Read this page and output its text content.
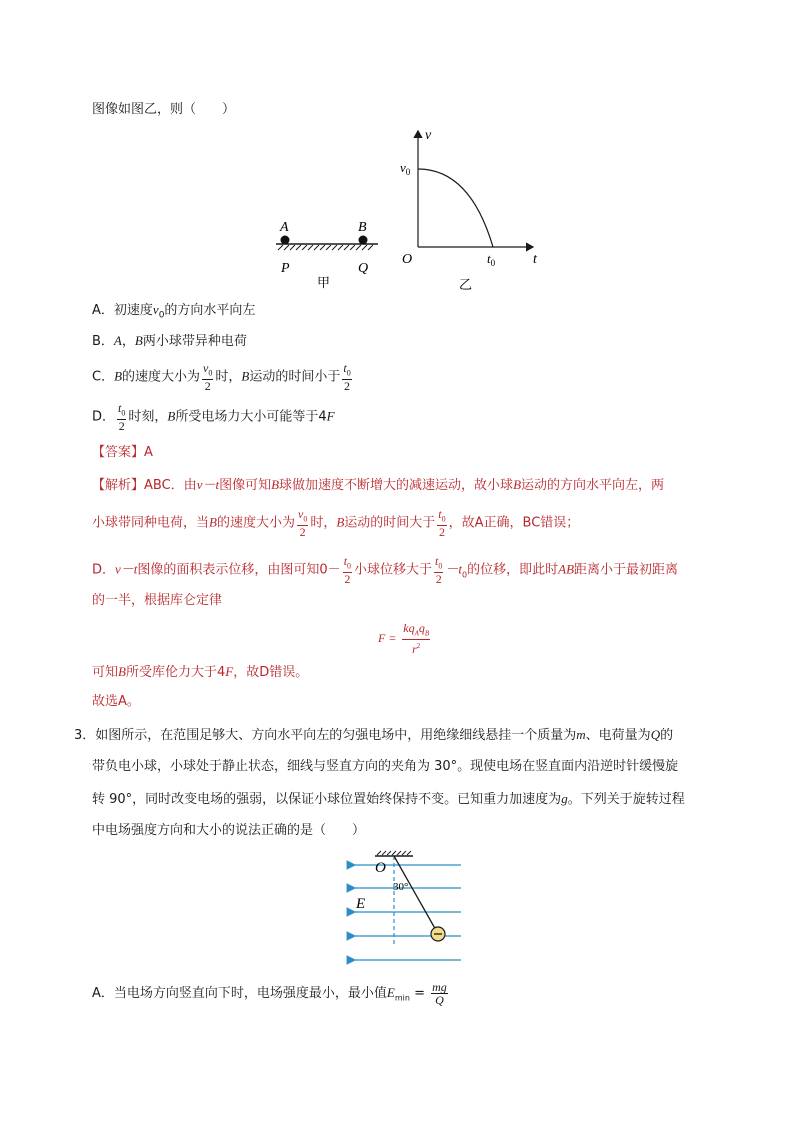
图像如图乙，则（　　）
A	B
P	Q
甲
v
t
O
$v_0$
$t_0$
乙
A．初速度$v_0$的方向水平向左
B．A，B两小球带异种电荷
C．B的速度大小为 $\frac{v_0}{2}$ 时，B运动的时间小于 $\frac{t_0}{2}$
D． $\frac{t_0}{2}$ 时刻，B所受电场力大小可能等于4F
【答案】A
【解析】ABC．由v－t图像可知B球做加速度不断增大的减速运动，故小球B运动的方向水平向左，两
小球带同种电荷，当B的速度大小为 $\frac{v_0}{2}$ 时，B运动的时间大于 $\frac{t_0}{2}$ ，故A正确，BC错误；
D．v－t图像的面积表示位移，由图可知$0- \frac{t_0}{2}$ 小球位移大于 $\frac{t_0}{2} -t_0$的位移，即此时AB距离小于最初距离
的一半，根据库仑定律
$F = \frac{kq_Aq_B}{r^2}$
可知B所受库伦力大于4F，故D错误。
故选A。
3．如图所示，在范围足够大、方向水平向左的匀强电场中，用绝缘细线悬挂一个质量为m、电荷量为Q的
带负电小球，小球处于静止状态，细线与竖直方向的夹角为 30°。现使电场在竖直面内沿逆时针缓慢旋
转 90°，同时改变电场的强弱，以保证小球位置始终保持不变。已知重力加速度为g。下列关于旋转过程
中电场强度方向和大小的说法正确的是（　　）
O
30°
E
A．当电场方向竖直向下时，电场强度最小，最小值$E_{min} = \frac{mg}{Q}$
